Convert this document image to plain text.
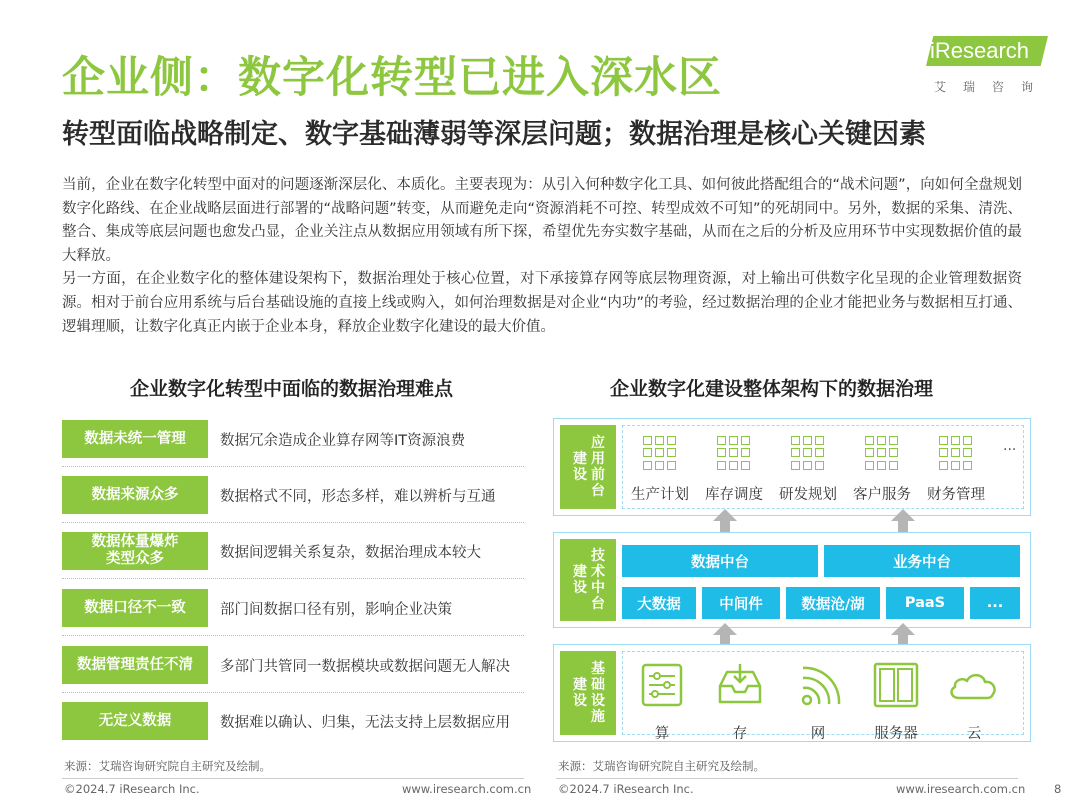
企业侧：数字化转型已进入深水区
转型面临战略制定、数字基础薄弱等深层问题；数据治理是核心关键因素
iResearch
艾瑞咨询

当前，企业在数字化转型中面对的问题逐渐深层化、本质化。主要表现为：从引入何种数字化工具、如何彼此搭配组合的“战术问题”，向如何全盘规划数字化路线、在企业战略层面进行部署的“战略问题”转变，从而避免走向“资源消耗不可控、转型成效不可知”的死胡同中。另外，数据的采集、清洗、整合、集成等底层问题也愈发凸显，企业关注点从数据应用领域有所下探，希望优先夯实数字基础，从而在之后的分析及应用环节中实现数据价值的最大释放。

另一方面，在企业数字化的整体建设架构下，数据治理处于核心位置，对下承接算存网等底层物理资源，对上输出可供数字化呈现的企业管理数据资源。相对于前台应用系统与后台基础设施的直接上线或购入，如何治理数据是对企业“内功”的考验，经过数据治理的企业才能把业务与数据相互打通、逻辑理顺，让数字化真正内嵌于企业本身，释放企业数字化建设的最大价值。

企业数字化转型中面临的数据治理难点	企业数字化建设整体架构下的数据治理
数据未统一管理	数据冗余造成企业算存网等IT资源浪费
数据来源众多	数据格式不同，形态多样，难以辨析与互通
数据体量爆炸
类型众多	数据间逻辑关系复杂，数据治理成本较大
数据口径不一致	部门间数据口径有别，影响企业决策
数据管理责任不清	多部门共管同一数据模块或数据问题无人解决
无定义数据	数据难以确认、归集，无法支持上层数据应用
建设
应用前台	生产计划	库存调度	研发规划	客户服务	财务管理
...
建设
技术中台
数据中台	业务中台
大数据	中间件	数据沧/湖	PaaS	...
建设
基础设施
算	存	网	服务器	云
来源：艾瑞咨询研究院自主研究及绘制。	来源：艾瑞咨询研究院自主研究及绘制。
©2024.7 iResearch Inc.	www.iresearch.com.cn ©2024.7 iResearch Inc.	www.iresearch.com.cn	8
